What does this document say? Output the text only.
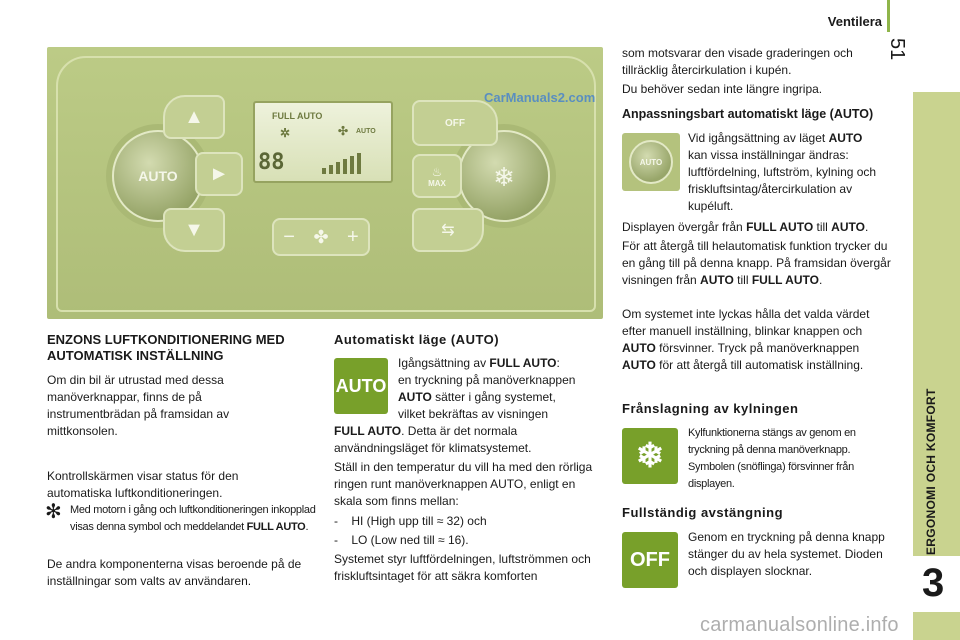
Ventilera
51
ERGONOMI OCH KOMFORT
3
AUTO	❄
▲
►
▼
FULL AUTO
✲	AUTO
✣
88
OFF
♨
MAX
⇆
− ✤ +
CarManuals2.com
ENZONS LUFTKONDITIONERING MED AUTOMATISK INSTÄLLNING
Om din bil är utrustad med dessa manöverknappar, finns de på instrumentbrädan på framsidan av mittkonsolen.
Kontrollskärmen visar status för den automatiska luftkonditioneringen.
✻ Med motorn i gång och luftkonditioneringen inkopplad visas denna symbol och meddelandet FULL AUTO.
De andra komponenterna visas beroende på de inställningar som valts av användaren.
Automatiskt läge (AUTO)
AUTO
Igångsättning av FULL AUTO:
en tryckning på manöverknappen
AUTO sätter i gång systemet,
vilket bekräftas av visningen
FULL AUTO. Detta är det normala
användningsläget för klimatsystemet.
Ställ in den temperatur du vill ha med den rörliga ringen runt manöverknappen AUTO, enligt en skala som finns mellan:
-    HI (High upp till ≈ 32) och
-    LO (Low ned till ≈ 16).
Systemet styr luftfördelningen, luftströmmen och friskluftsintaget för att säkra komforten
som motsvarar den visade graderingen och tillräcklig återcirkulation i kupén.
Du behöver sedan inte längre ingripa.
Anpassningsbart automatiskt läge (AUTO)
AUTO
Vid igångsättning av läget AUTO
kan vissa inställningar ändras: luftfördelning, luftström, kylning och friskluftsintag/återcirkulation av kupéluft.
Displayen övergår från FULL AUTO till AUTO.
För att återgå till helautomatisk funktion trycker du en gång till på denna knapp. På framsidan övergår visningen från AUTO till FULL AUTO.
Om systemet inte lyckas hålla det valda värdet efter manuell inställning, blinkar knappen och AUTO försvinner. Tryck på manöverknappen AUTO för att återgå till automatisk inställning.
Frånslagning av kylningen
❄
Kylfunktionerna stängs av genom en tryckning på denna manöverknapp. Symbolen (snöflinga) försvinner från displayen.
Fullständig avstängning
OFF
Genom en tryckning på denna knapp stänger du av hela systemet. Dioden och displayen slocknar.
carmanualsonline.info
